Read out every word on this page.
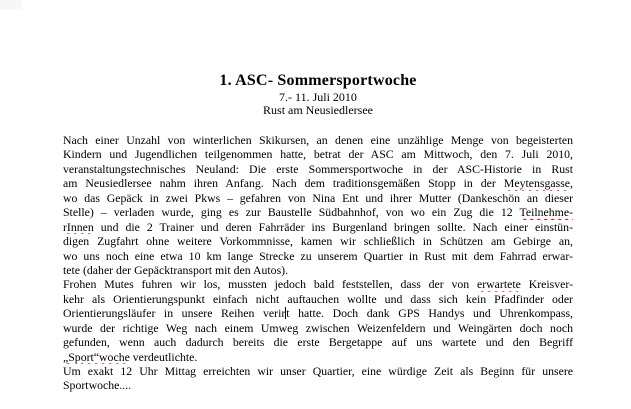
1. ASC- Sommersportwoche
7.- 11. Juli 2010
Rust am Neusiedlersee
Nach einer Unzahl von winterlichen Skikursen, an denen eine unzählige Menge von begeisterten
Kindern und Jugendlichen teilgenommen hatte, betrat der ASC am Mittwoch, den 7. Juli 2010,
veranstaltungstechnisches Neuland: Die erste Sommersportwoche in der ASC-Historie in Rust
am Neusiedlersee nahm ihren Anfang. Nach dem traditionsgemäßen Stopp in der Meytensgasse,
wo das Gepäck in zwei Pkws – gefahren von Nina Ent und ihrer Mutter (Dankeschön an dieser
Stelle) – verladen wurde, ging es zur Baustelle Südbahnhof, von wo ein Zug die 12 Teilnehme-
rInnen und die 2 Trainer und deren Fahrräder ins Burgenland bringen sollte. Nach einer einstün-
digen Zugfahrt ohne weitere Vorkommnisse, kamen wir schließlich in Schützen am Gebirge an,
wo uns noch eine etwa 10 km lange Strecke zu unserem Quartier in Rust mit dem Fahrrad erwar-
tete (daher der Gepäcktransport mit den Autos).
Frohen Mutes fuhren wir los, mussten jedoch bald feststellen, dass der von erwartete Kreisver-
kehr als Orientierungspunkt einfach nicht auftauchen wollte und dass sich kein Pfadfinder oder
Orientierungsläufer in unsere Reihen verirt hatte. Doch dank GPS Handys und Uhrenkompass,
wurde der richtige Weg nach einem Umweg zwischen Weizenfeldern und Weingärten doch noch
gefunden, wenn auch dadurch bereits die erste Bergetappe auf uns wartete und den Begriff
„Sport“woche verdeutlichte.
Um exakt 12 Uhr Mittag erreichten wir unser Quartier, eine würdige Zeit als Beginn für unsere
Sportwoche....
